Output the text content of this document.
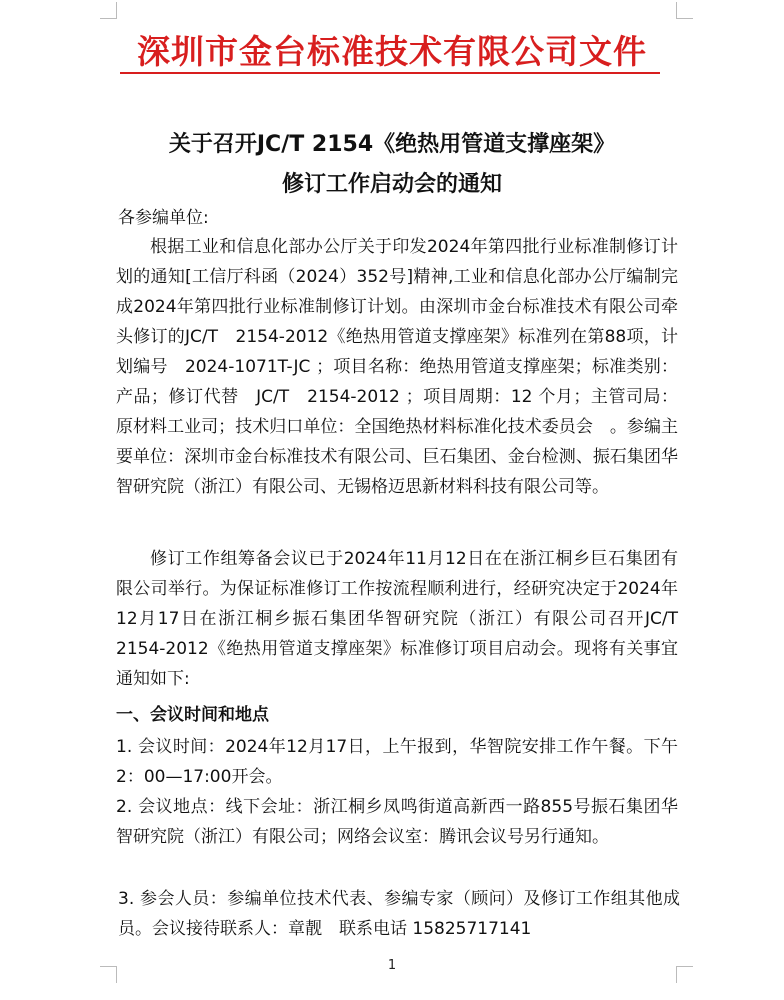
深圳市金台标准技术有限公司文件
关于召开JC/T 2154《绝热用管道支撑座架》
修订工作启动会的通知
各参编单位:

根据工业和信息化部办公厅关于印发2024年第四批行业标准制修订计划的通知[工信厅科函（2024）352号]精神,工业和信息化部办公厅编制完成2024年第四批行业标准制修订计划。由深圳市金台标准技术有限公司牵头修订的JC/T　2154-2012《绝热用管道支撑座架》标准列在第88项，计划编号　2024-1071T-JC ；项目名称：绝热用管道支撑座架；标准类别：产品；修订代替　JC/T　2154-2012 ；项目周期：12 个月；主管司局：原材料工业司；技术归口单位：全国绝热材料标准化技术委员会　。参编主要单位：深圳市金台标准技术有限公司、巨石集团、金台检测、振石集团华智研究院（浙江）有限公司、无锡格迈思新材料科技有限公司等。

修订工作组筹备会议已于2024年11月12日在在浙江桐乡巨石集团有限公司举行。为保证标准修订工作按流程顺利进行，经研究决定于2024年12月17日在浙江桐乡振石集团华智研究院（浙江）有限公司召开JC/T　2154-2012《绝热用管道支撑座架》标准修订项目启动会。现将有关事宜通知如下:

一、会议时间和地点

1. 会议时间：2024年12月17日，上午报到，华智院安排工作午餐。下午2：00—17:00开会。

2. 会议地点：线下会址：浙江桐乡凤鸣街道高新西一路855号振石集团华智研究院（浙江）有限公司；网络会议室：腾讯会议号另行通知。

3. 参会人员：参编单位技术代表、参编专家（顾问）及修订工作组其他成员。会议接待联系人：章靓　联系电话 15825717141

1
